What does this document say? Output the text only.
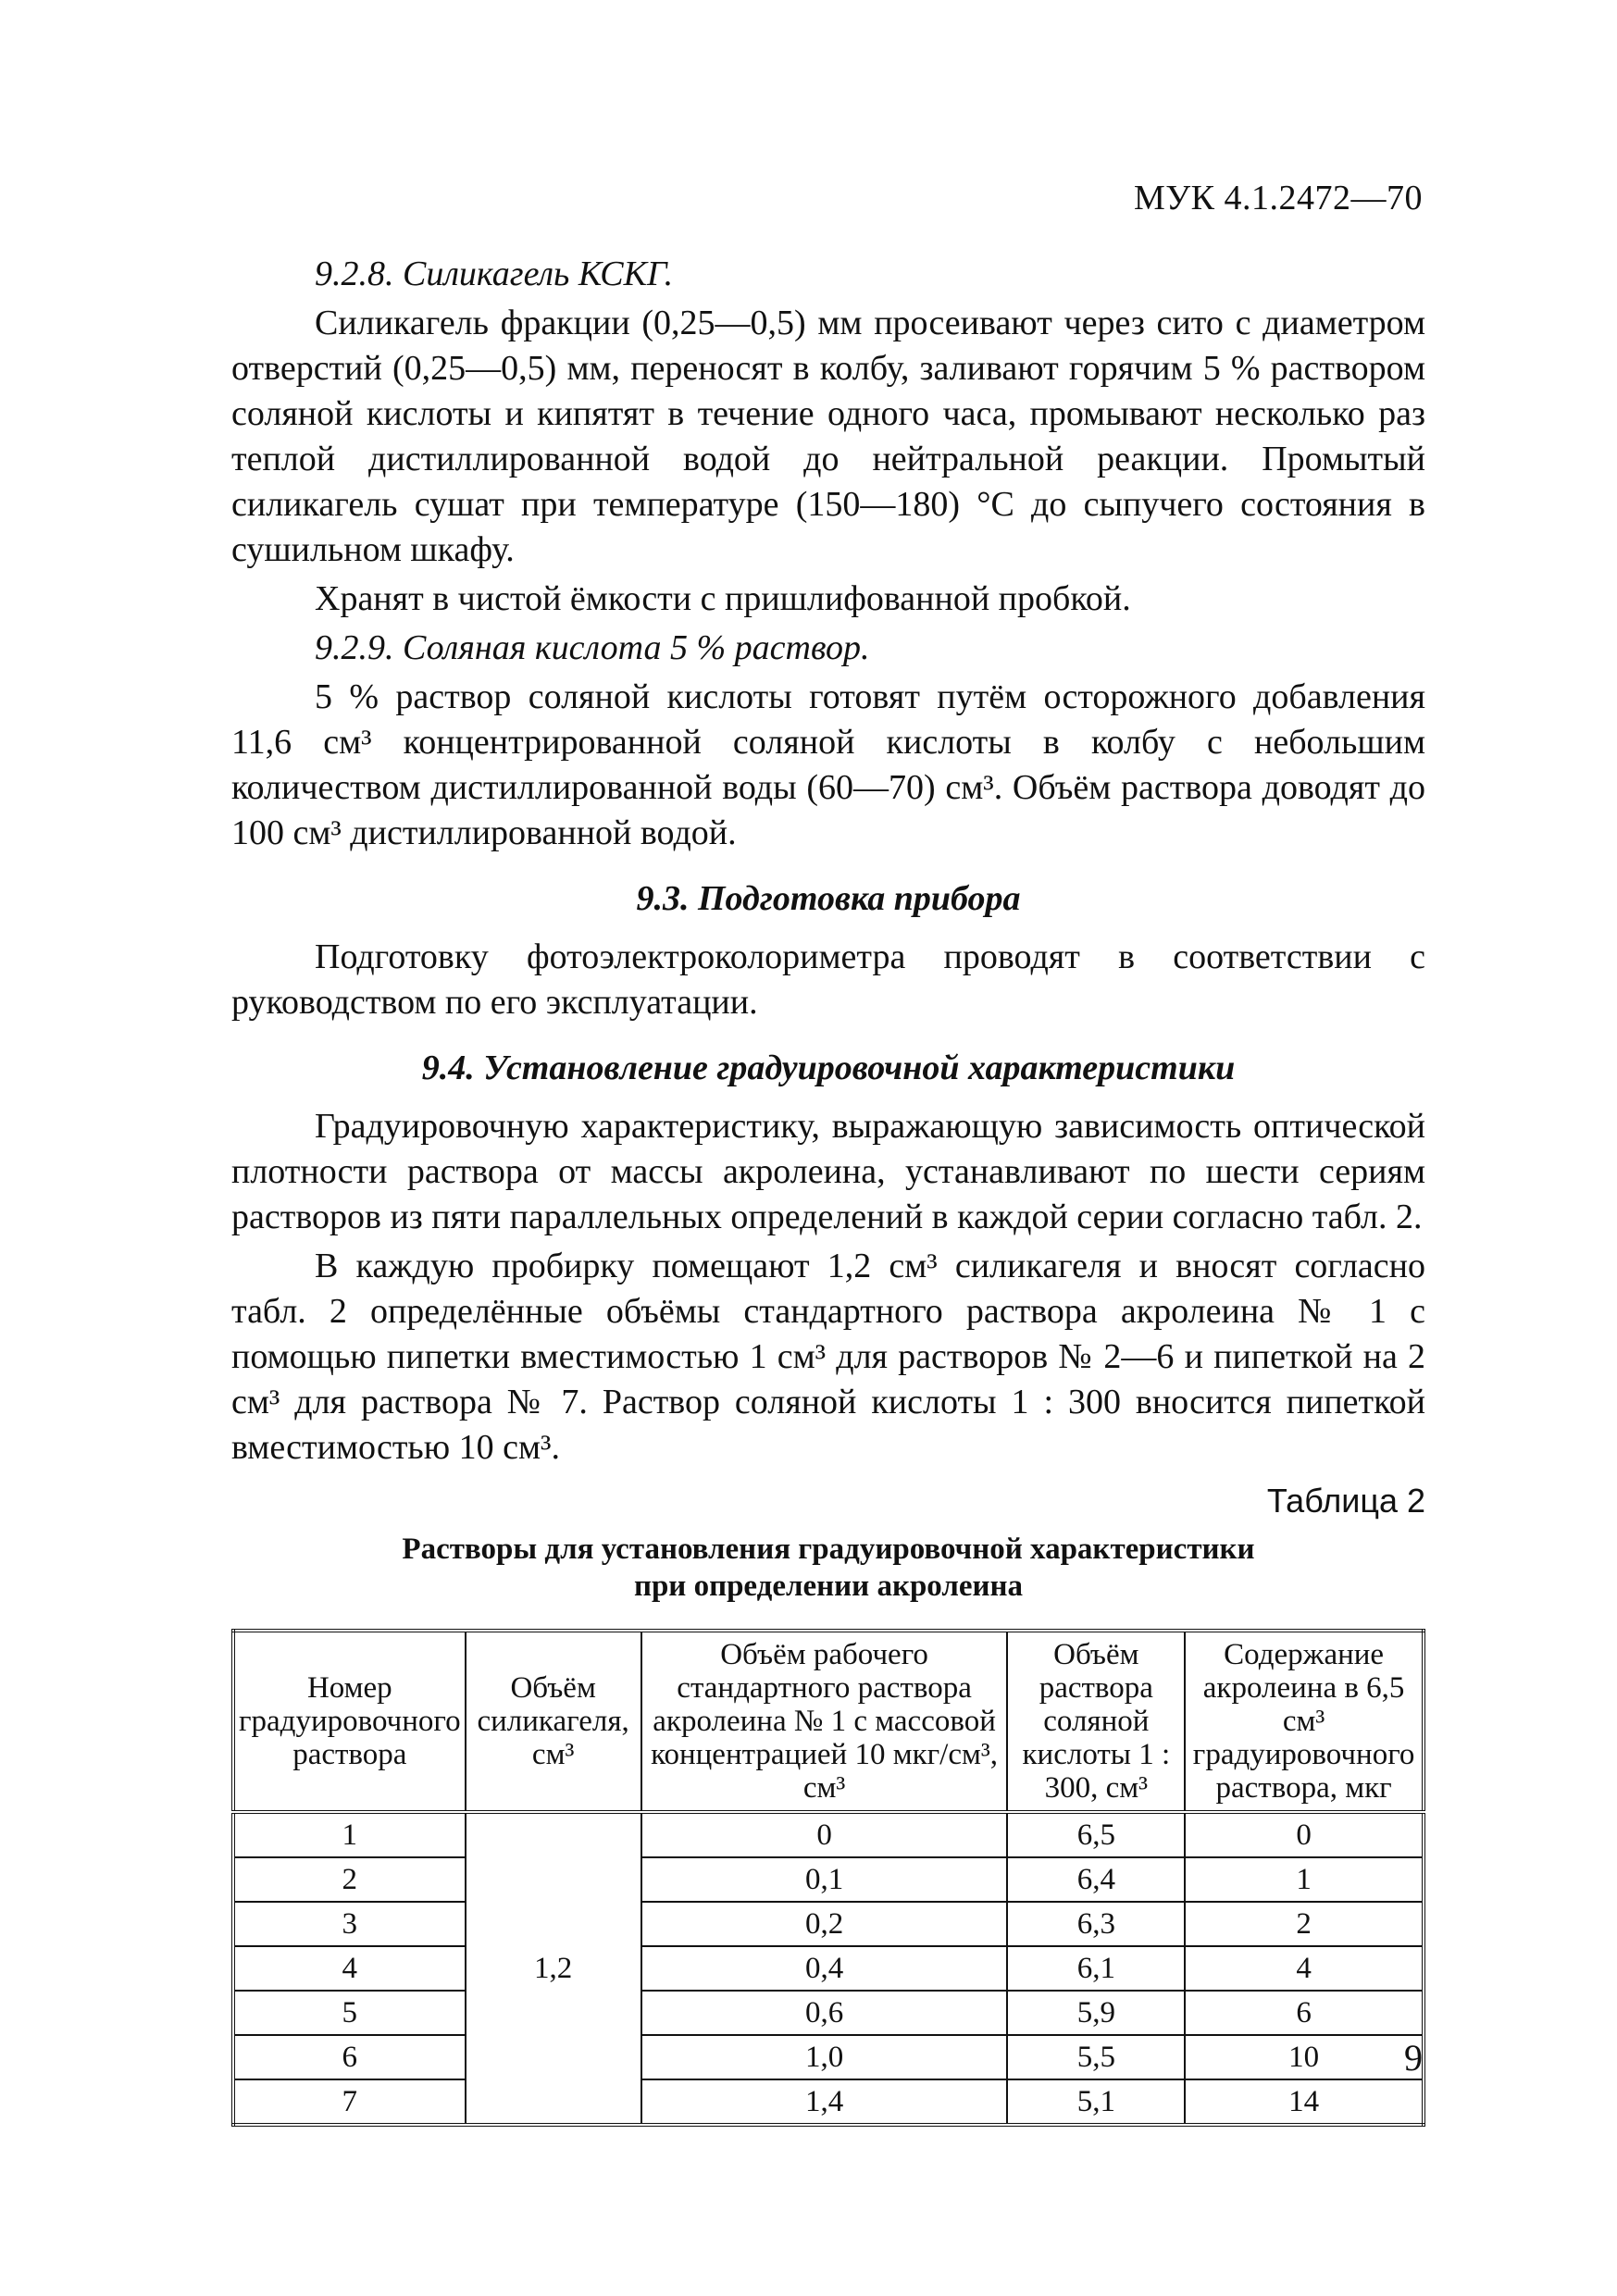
МУК 4.1.2472—70

9.2.8. Силикагель КСКГ.

Силикагель фракции (0,25—0,5) мм просеивают через сито с диаметром отверстий (0,25—0,5) мм, переносят в колбу, заливают горячим 5 % раствором соляной кислоты и кипятят в течение одного часа, промывают несколько раз теплой дистиллированной водой до нейтральной реакции. Промытый силикагель сушат при температуре (150—180) °С до сыпучего состояния в сушильном шкафу.

Хранят в чистой ёмкости с пришлифованной пробкой.

9.2.9. Соляная кислота 5 % раствор.

5 % раствор соляной кислоты готовят путём осторожного добавления 11,6 см³ концентрированной соляной кислоты в колбу с небольшим количеством дистиллированной воды (60—70) см³. Объём раствора доводят до 100 см³ дистиллированной водой.

9.3. Подготовка прибора

Подготовку фотоэлектроколориметра проводят в соответствии с руководством по его эксплуатации.

9.4. Установление градуировочной характеристики

Градуировочную характеристику, выражающую зависимость оптической плотности раствора от массы акролеина, устанавливают по шести сериям растворов из пяти параллельных определений в каждой серии согласно табл. 2.

В каждую пробирку помещают 1,2 см³ силикагеля и вносят согласно табл. 2 определённые объёмы стандартного раствора акролеина № 1 с помощью пипетки вместимостью 1 см³ для растворов № 2—6 и пипеткой на 2 см³ для раствора № 7. Раствор соляной кислоты 1 : 300 вносится пипеткой вместимостью 10 см³.

Таблица 2
Растворы для установления градуировочной характеристики
при определении акролеина
Номер градуировочного раствора	Объём силикагеля, см³	Объём рабочего стандартного раствора акролеина № 1 с массовой концентрацией 10 мкг/см³, см³	Объём раствора соляной кислоты 1 : 300, см³	Содержание акролеина в 6,5 см³ градуировочного раствора, мкг
1	1,2	0	6,5	0
2		0,1	6,4	1
3		0,2	6,3	2
4		0,4	6,1	4
5		0,6	5,9	6
6		1,0	5,5	10
7		1,4	5,1	14
9
